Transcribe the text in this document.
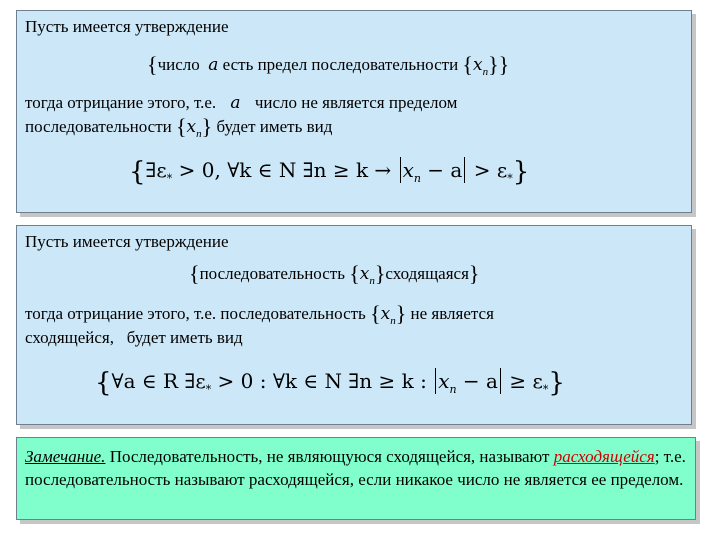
Пусть имеется утверждение
{число a есть предел последовательности $\{x_n\}$}
тогда отрицание этого, т.е. a число не является пределом
последовательности $\{x_n\}$ будет иметь вид
{$\exists\varepsilon_* > 0$, ∀k ∈ N ∃n ≥ $k \to x_n - a > \varepsilon_*$}
Пусть имеется утверждение
{последовательность $\{x_n\}сходящаяся$}
тогда отрицание этого, т.е. последовательность $\{x_n\}$ не является
сходящейся,   будет иметь вид
{∀a ∈ R $\exists\varepsilon_* > 0$ : ∀k ∈ N ∃n ≥ k : $x_n - a \ge \varepsilon_*$}
Замечание. Последовательность, не являющуюся сходящейся, называют расходящейся; т.е. последовательность называют расходящейся, если никакое число не является ее пределом.
